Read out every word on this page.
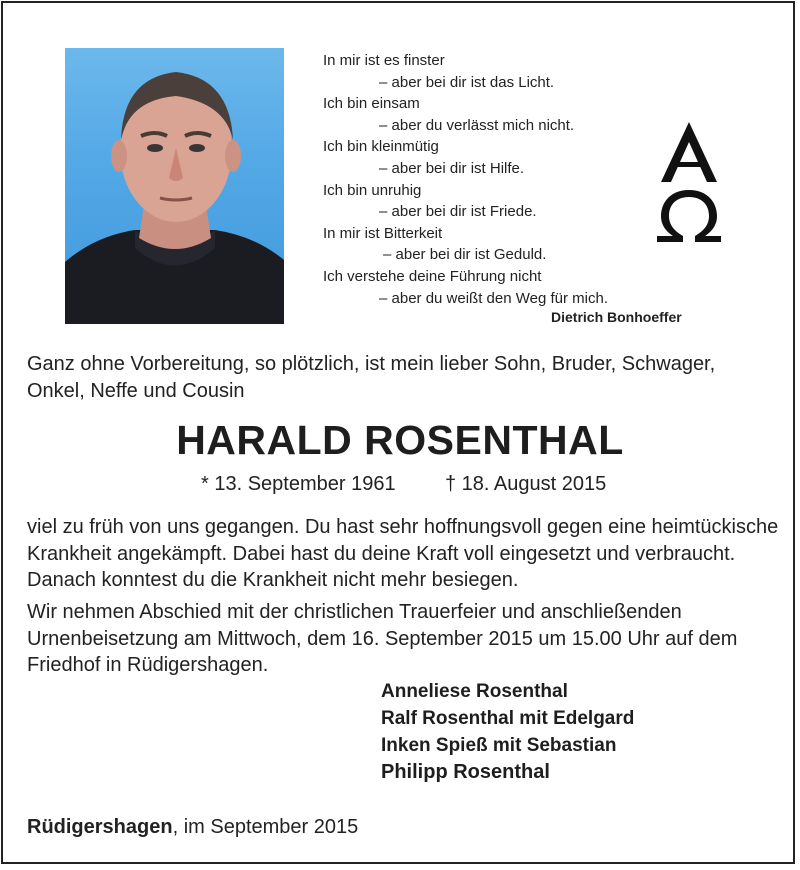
In mir ist es finster
– aber bei dir ist das Licht.
Ich bin einsam
– aber du verlässt mich nicht.
Ich bin kleinmütig
– aber bei dir ist Hilfe.
Ich bin unruhig
– aber bei dir ist Friede.
In mir ist Bitterkeit
– aber bei dir ist Geduld.
Ich verstehe deine Führung nicht
– aber du weißt den Weg für mich.
Dietrich Bonhoeffer
Ganz ohne Vorbereitung, so plötzlich, ist mein lieber Sohn, Bruder, Schwager, Onkel, Neffe und Cousin
HARALD ROSENTHAL
* 13. September 1961 † 18. August 2015
viel zu früh von uns gegangen. Du hast sehr hoffnungsvoll gegen eine heimtückische Krankheit angekämpft. Dabei hast du deine Kraft voll eingesetzt und verbraucht. Danach konntest du die Krankheit nicht mehr besiegen.
Wir nehmen Abschied mit der christlichen Trauerfeier und anschließenden Urnenbeisetzung am Mittwoch, dem 16. September 2015 um 15.00 Uhr auf dem Friedhof in Rüdigershagen.
Anneliese Rosenthal
Ralf Rosenthal mit Edelgard
Inken Spieß mit Sebastian
Philipp Rosenthal
Rüdigershagen, im September 2015
